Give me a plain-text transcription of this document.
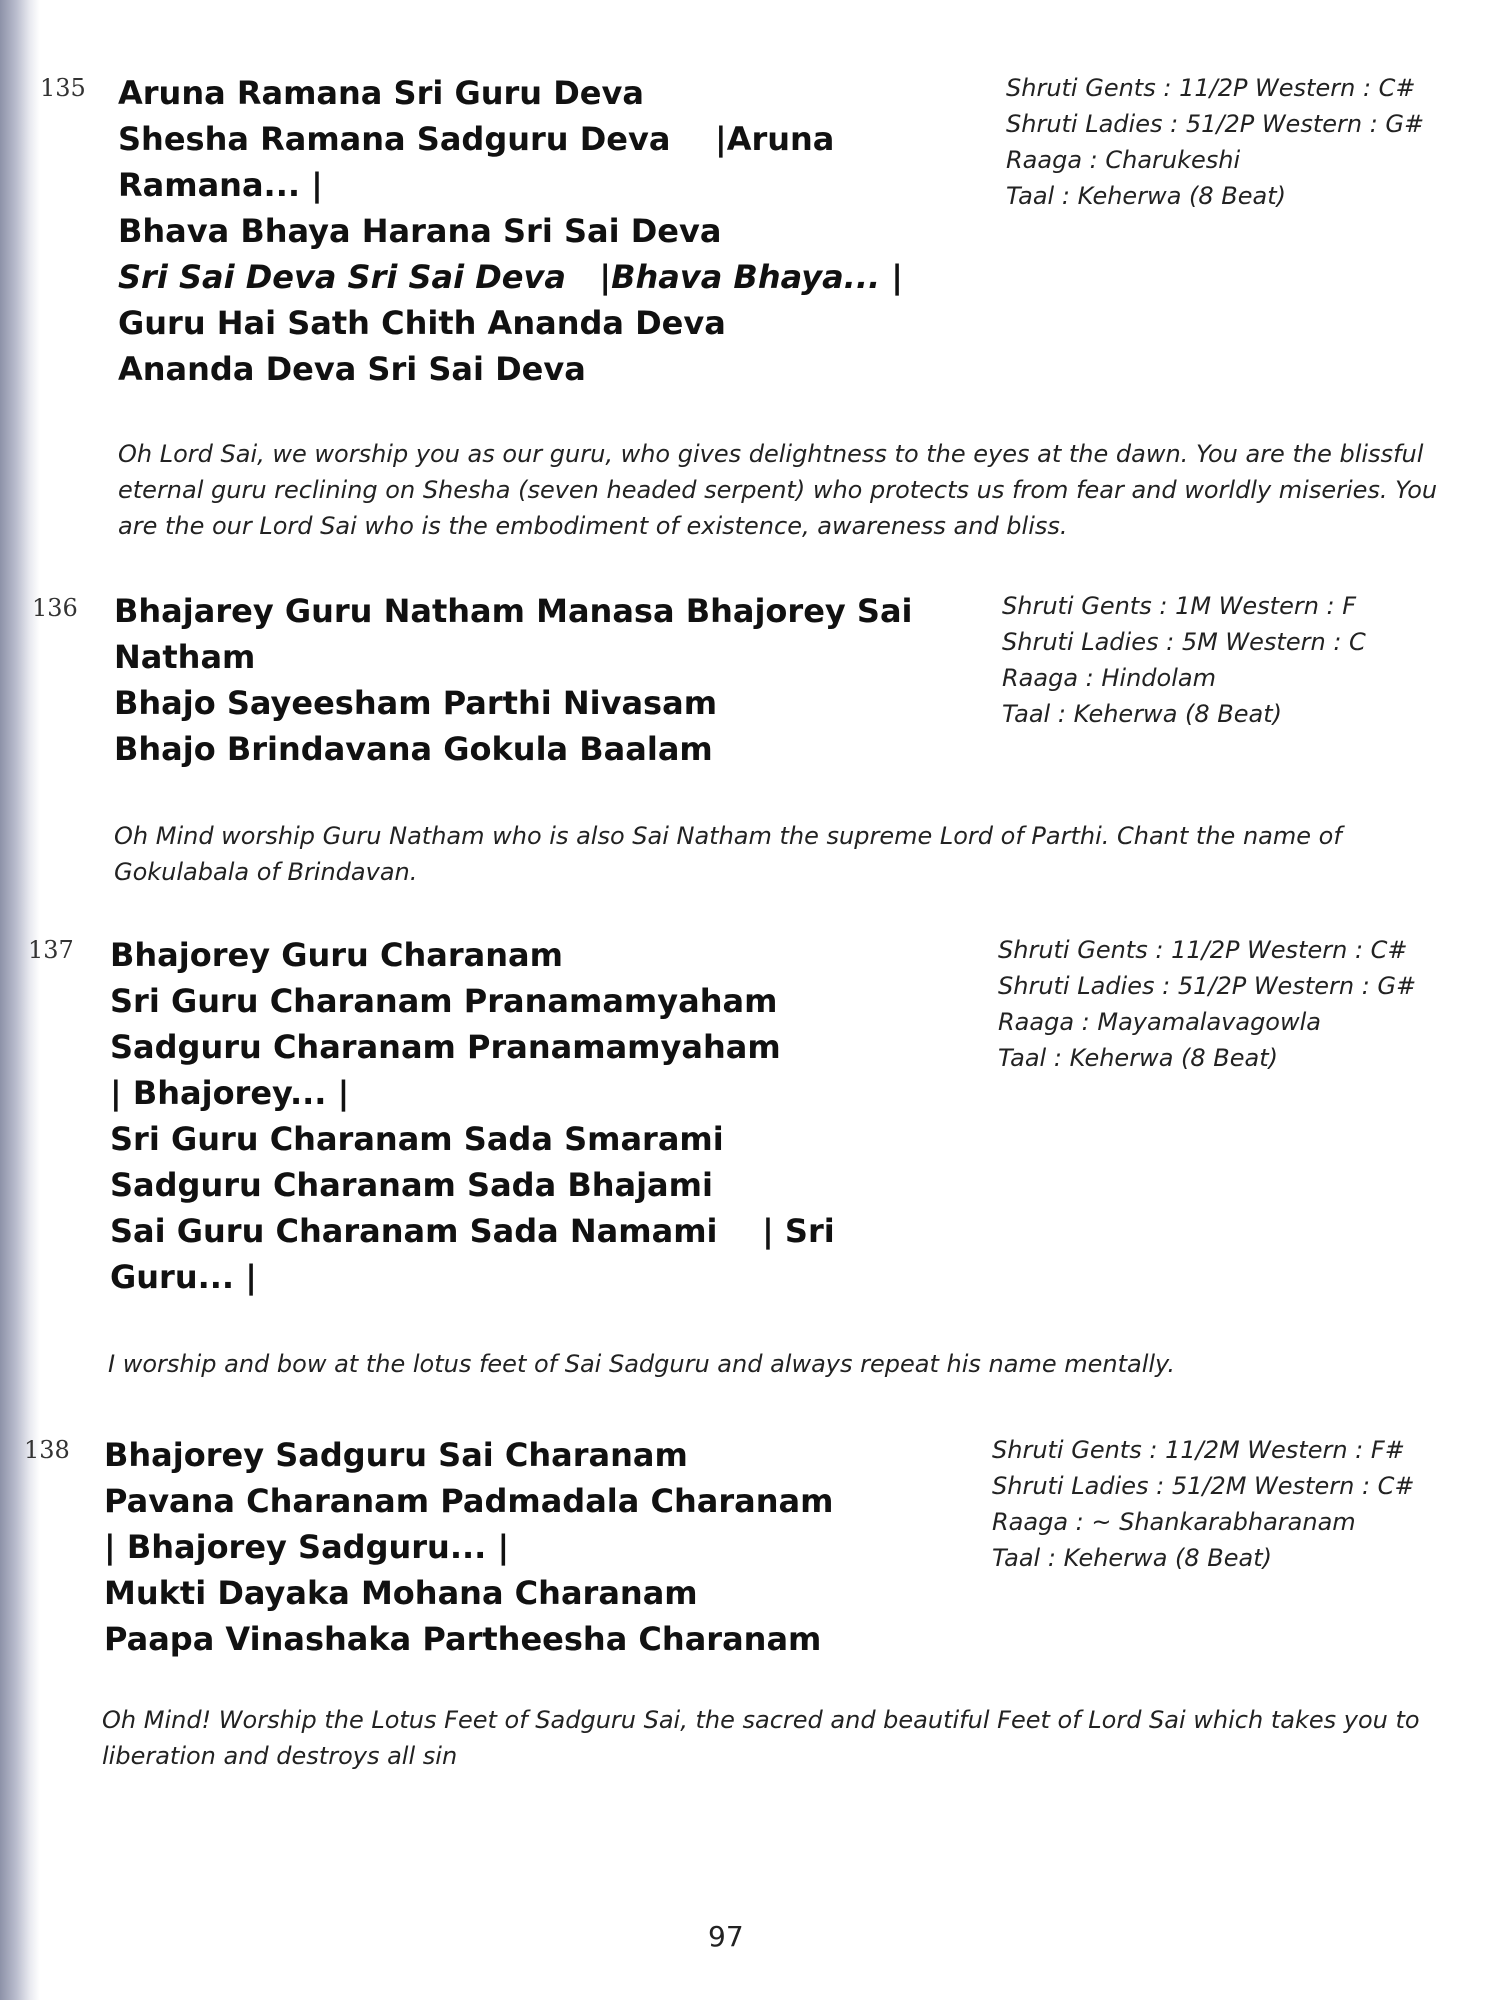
135 Aruna Ramana Sri Guru Deva
Shesha Ramana Sadguru Deva    |Aruna
Ramana... |
Bhava Bhaya Harana Sri Sai Deva
Sri Sai Deva Sri Sai Deva   |Bhava Bhaya... |
Guru Hai Sath Chith Ananda Deva
Ananda Deva Sri Sai Deva
Shruti Gents : 11/2P Western : C#
Shruti Ladies : 51/2P Western : G#
Raaga : Charukeshi
Taal : Keherwa (8 Beat)
Oh Lord Sai, we worship you as our guru, who gives delightness to the eyes at the dawn. You are the blissful eternal guru reclining on Shesha (seven headed serpent) who protects us from fear and worldly miseries. You are the our Lord Sai who is the embodiment of existence, awareness and bliss.
136 Bhajarey Guru Natham Manasa Bhajorey Sai
Natham
Bhajo Sayeesham Parthi Nivasam
Bhajo Brindavana Gokula Baalam
Shruti Gents : 1M Western : F
Shruti Ladies : 5M Western : C
Raaga : Hindolam
Taal : Keherwa (8 Beat)
Oh Mind worship Guru Natham who is also Sai Natham the supreme Lord of Parthi. Chant the name of Gokulabala of Brindavan.
137 Bhajorey Guru Charanam
Sri Guru Charanam Pranamamyaham
Sadguru Charanam Pranamamyaham
| Bhajorey... |
Sri Guru Charanam Sada Smarami
Sadguru Charanam Sada Bhajami
Sai Guru Charanam Sada Namami    | Sri
Guru... |
Shruti Gents : 11/2P Western : C#
Shruti Ladies : 51/2P Western : G#
Raaga : Mayamalavagowla
Taal : Keherwa (8 Beat)
I worship and bow at the lotus feet of Sai Sadguru and always repeat his name mentally.
138 Bhajorey Sadguru Sai Charanam
Pavana Charanam Padmadala Charanam
| Bhajorey Sadguru... |
Mukti Dayaka Mohana Charanam
Paapa Vinashaka Partheesha Charanam
Shruti Gents : 11/2M Western : F#
Shruti Ladies : 51/2M Western : C#
Raaga : ~ Shankarabharanam
Taal : Keherwa (8 Beat)
Oh Mind! Worship the Lotus Feet of Sadguru Sai, the sacred and beautiful Feet of Lord Sai which takes you to liberation and destroys all sin
97
